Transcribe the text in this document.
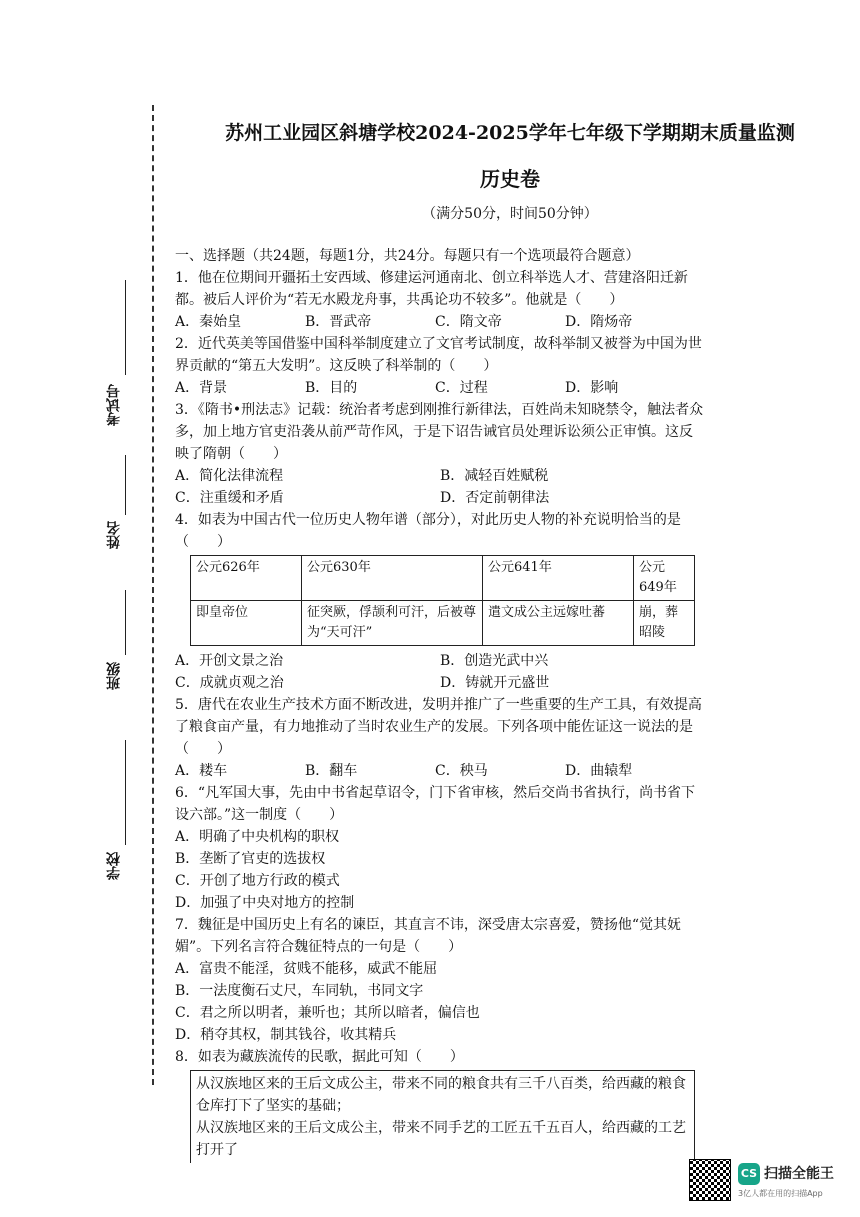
考试号
姓名
班级
学校
苏州工业园区斜塘学校2024-2025学年七年级下学期期末质量监测
历史卷
（满分50分，时间50分钟）

一、选择题（共24题，每题1分，共24分。每题只有一个选项最符合题意）

1．他在位期间开疆拓土安西域、修建运河通南北、创立科举选人才、营建洛阳迁新都。被后人评价为“若无水殿龙舟事，共禹论功不较多”。他就是（　　）

A．秦始皇	B．晋武帝	C．隋文帝	D．隋炀帝

2．近代英美等国借鉴中国科举制度建立了文官考试制度，故科举制又被誉为中国为世界贡献的“第五大发明”。这反映了科举制的（　　）

A．背景	B．目的	C．过程	D．影响

3．《隋书•刑法志》记载：统治者考虑到刚推行新律法，百姓尚未知晓禁令，触法者众多，加上地方官吏沿袭从前严苛作风，于是下诏告诫官员处理诉讼须公正审慎。这反映了隋朝（　　）

A．简化法律流程	B．减轻百姓赋税
C．注重缓和矛盾	D．否定前朝律法

4．如表为中国古代一位历史人物年谱（部分），对此历史人物的补充说明恰当的是（　　）

公元626年	公元630年	公元641年	公元649年
即皇帝位	征突厥，俘颉利可汗，后被尊为“天可汗”	遣文成公主远嫁吐蕃	崩，葬昭陵
A．开创文景之治	B．创造光武中兴
C．成就贞观之治	D．铸就开元盛世

5．唐代在农业生产技术方面不断改进，发明并推广了一些重要的生产工具，有效提高了粮食亩产量，有力地推动了当时农业生产的发展。下列各项中能佐证这一说法的是（　　）

A．耧车	B．翻车	C．秧马	D．曲辕犁

6．“凡军国大事，先由中书省起草诏令，门下省审核，然后交尚书省执行，尚书省下设六部。”这一制度（　　）

A．明确了中央机构的职权

B．垄断了官吏的选拔权

C．开创了地方行政的模式

D．加强了中央对地方的控制

7．魏征是中国历史上有名的谏臣，其直言不讳，深受唐太宗喜爱，赞扬他“觉其妩媚”。下列名言符合魏征特点的一句是（　　）

A．富贵不能淫，贫贱不能移，威武不能屈

B．一法度衡石丈尺，车同轨，书同文字

C．君之所以明者，兼听也；其所以暗者，偏信也

D．稍夺其权，制其钱谷，收其精兵

8．如表为藏族流传的民歌，据此可知（　　）

从汉族地区来的王后文成公主，带来不同的粮食共有三千八百类，给西藏的粮食仓库打下了坚实的基础；

从汉族地区来的王后文成公主，带来不同手艺的工匠五千五百人，给西藏的工艺打开了

CS 扫描全能王
3亿人都在用的扫描App
